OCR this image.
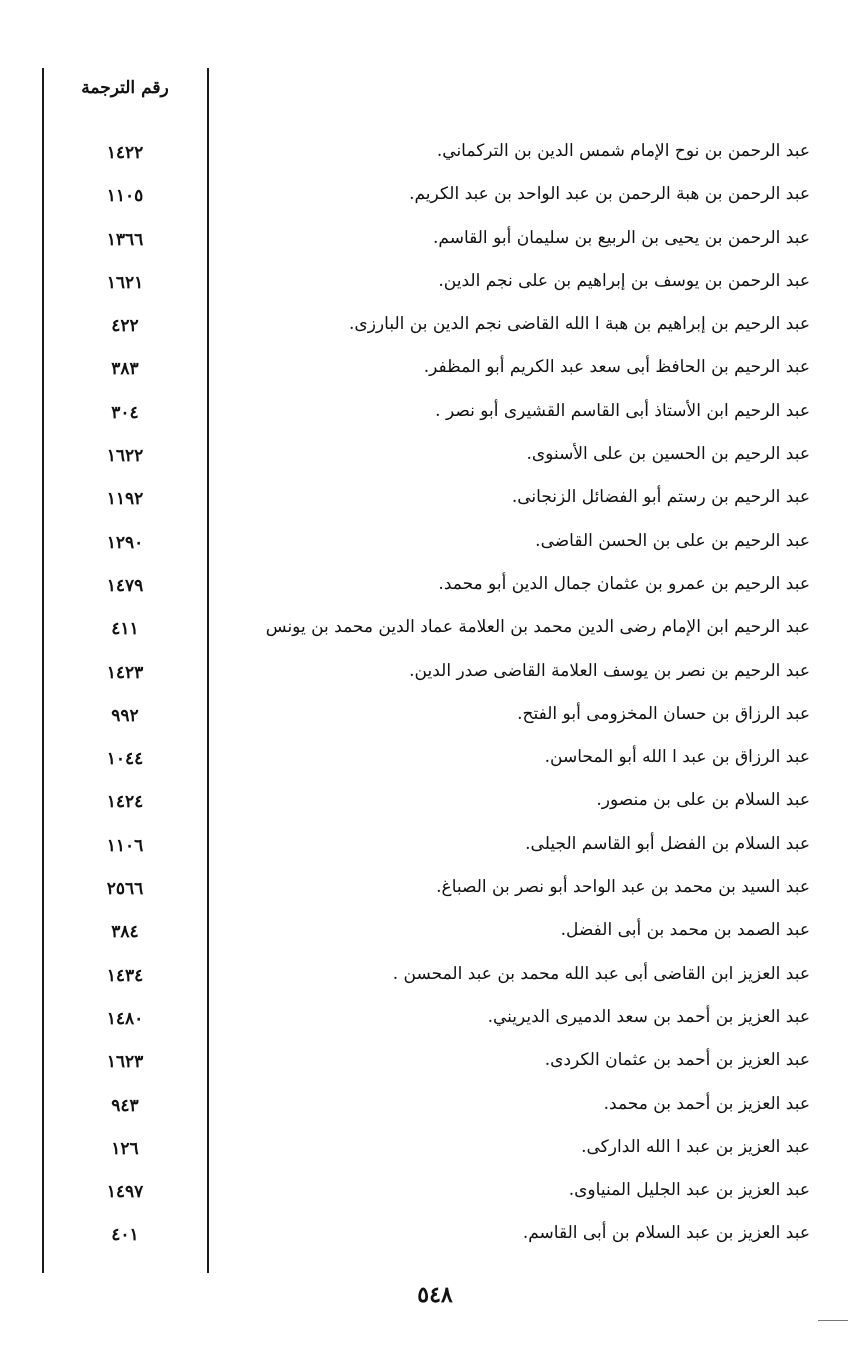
رقم الترجمة
١٤٢٢	عبد الرحمن بن نوح الإمام شمس الدين بن التركماني.
١١٠٥	عبد الرحمن بن هبة الرحمن بن عبد الواحد بن عبد الكريم.
١٣٦٦	عبد الرحمن بن يحيى بن الربيع بن سليمان أبو القاسم.
١٦٢١	عبد الرحمن بن يوسف بن إبراهيم بن على نجم الدين.
٤٢٢	عبد الرحيم بن إبراهيم بن هبة ا الله القاضى نجم الدين بن البارزى.
٣٨٣	عبد الرحيم بن الحافظ أبى سعد عبد الكريم أبو المظفر.
٣٠٤	عبد الرحيم ابن الأستاذ أبى القاسم القشيرى أبو نصر .
١٦٢٢	عبد الرحيم بن الحسين بن على الأسنوى.
١١٩٢	عبد الرحيم بن رستم أبو الفضائل الزنجانى.
١٢٩٠	عبد الرحيم بن على بن الحسن القاضى.
١٤٧٩	عبد الرحيم بن عمرو بن عثمان جمال الدين أبو محمد.
٤١١	عبد الرحيم ابن الإمام رضى الدين محمد بن العلامة عماد الدين محمد بن يونس
١٤٢٣	عبد الرحيم بن نصر بن يوسف العلامة القاضى صدر الدين.
٩٩٢	عبد الرزاق بن حسان المخزومى أبو الفتح.
١٠٤٤	عبد الرزاق بن عبد ا الله أبو المحاسن.
١٤٢٤	عبد السلام بن على بن منصور.
١١٠٦	عبد السلام بن الفضل أبو القاسم الجيلى.
٢٥٦٦	عبد السيد بن محمد بن عبد الواحد أبو نصر بن الصباغ.
٣٨٤	عبد الصمد بن محمد بن أبى الفضل.
١٤٣٤	عبد العزيز ابن القاضى أبى عبد الله محمد بن عبد المحسن .
١٤٨٠	عبد العزيز بن أحمد بن سعد الدميرى الديريني.
١٦٢٣	عبد العزيز بن أحمد بن عثمان الكردى.
٩٤٣	عبد العزيز بن أحمد بن محمد.
١٢٦	عبد العزيز بن عبد ا الله الداركى.
١٤٩٧	عبد العزيز بن عبد الجليل المنياوى.
٤٠١	عبد العزيز بن عبد السلام بن أبى القاسم.
٥٤٨
